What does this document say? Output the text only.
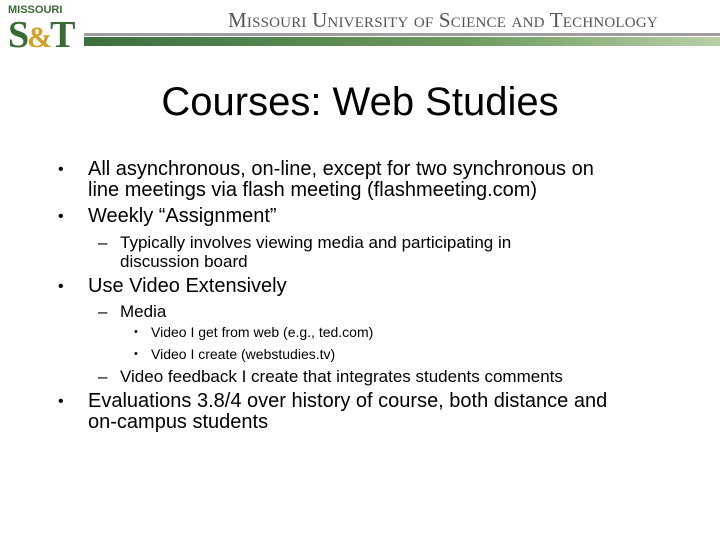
MISSOURI
S&T	Missouri University of Science and Technology
Courses: Web Studies
• All asynchronous, on-line, except for two synchronous on
line meetings via flash meeting (flashmeeting.com)
• Weekly “Assignment”
– Typically involves viewing media and participating in
discussion board
• Use Video Extensively
– Media
• Video I get from web (e.g., ted.com)
• Video I create (webstudies.tv)
– Video feedback I create that integrates students comments
• Evaluations 3.8/4 over history of course, both distance and
on-campus students
